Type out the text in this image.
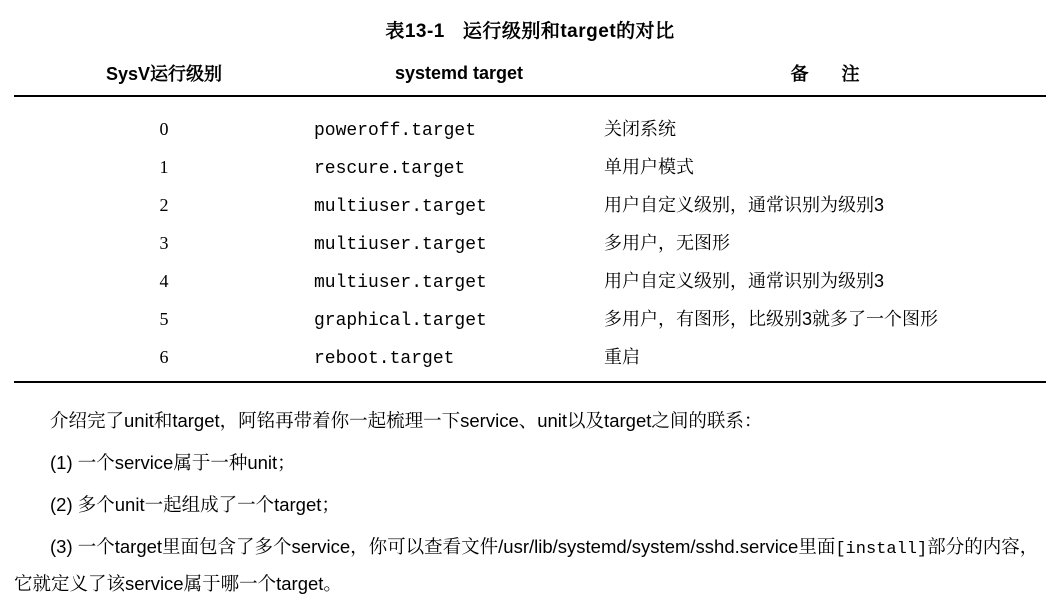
表13-1 运行级别和target的对比

SysV运行级别	systemd target	备 注
0	poweroff.target	关闭系统
1	rescure.target	单用户模式
2	multiuser.target	用户自定义级别，通常识别为级别3
3	multiuser.target	多用户，无图形
4	multiuser.target	用户自定义级别，通常识别为级别3
5	graphical.target	多用户，有图形，比级别3就多了一个图形
6	reboot.target	重启

介绍完了unit和target，阿铭再带着你一起梳理一下service、unit以及target之间的联系：

(1) 一个service属于一种unit；

(2) 多个unit一起组成了一个target；

(3) 一个target里面包含了多个service，你可以查看文件/usr/lib/systemd/system/sshd.service里面[install]部分的内容，它就定义了该service属于哪一个target。
